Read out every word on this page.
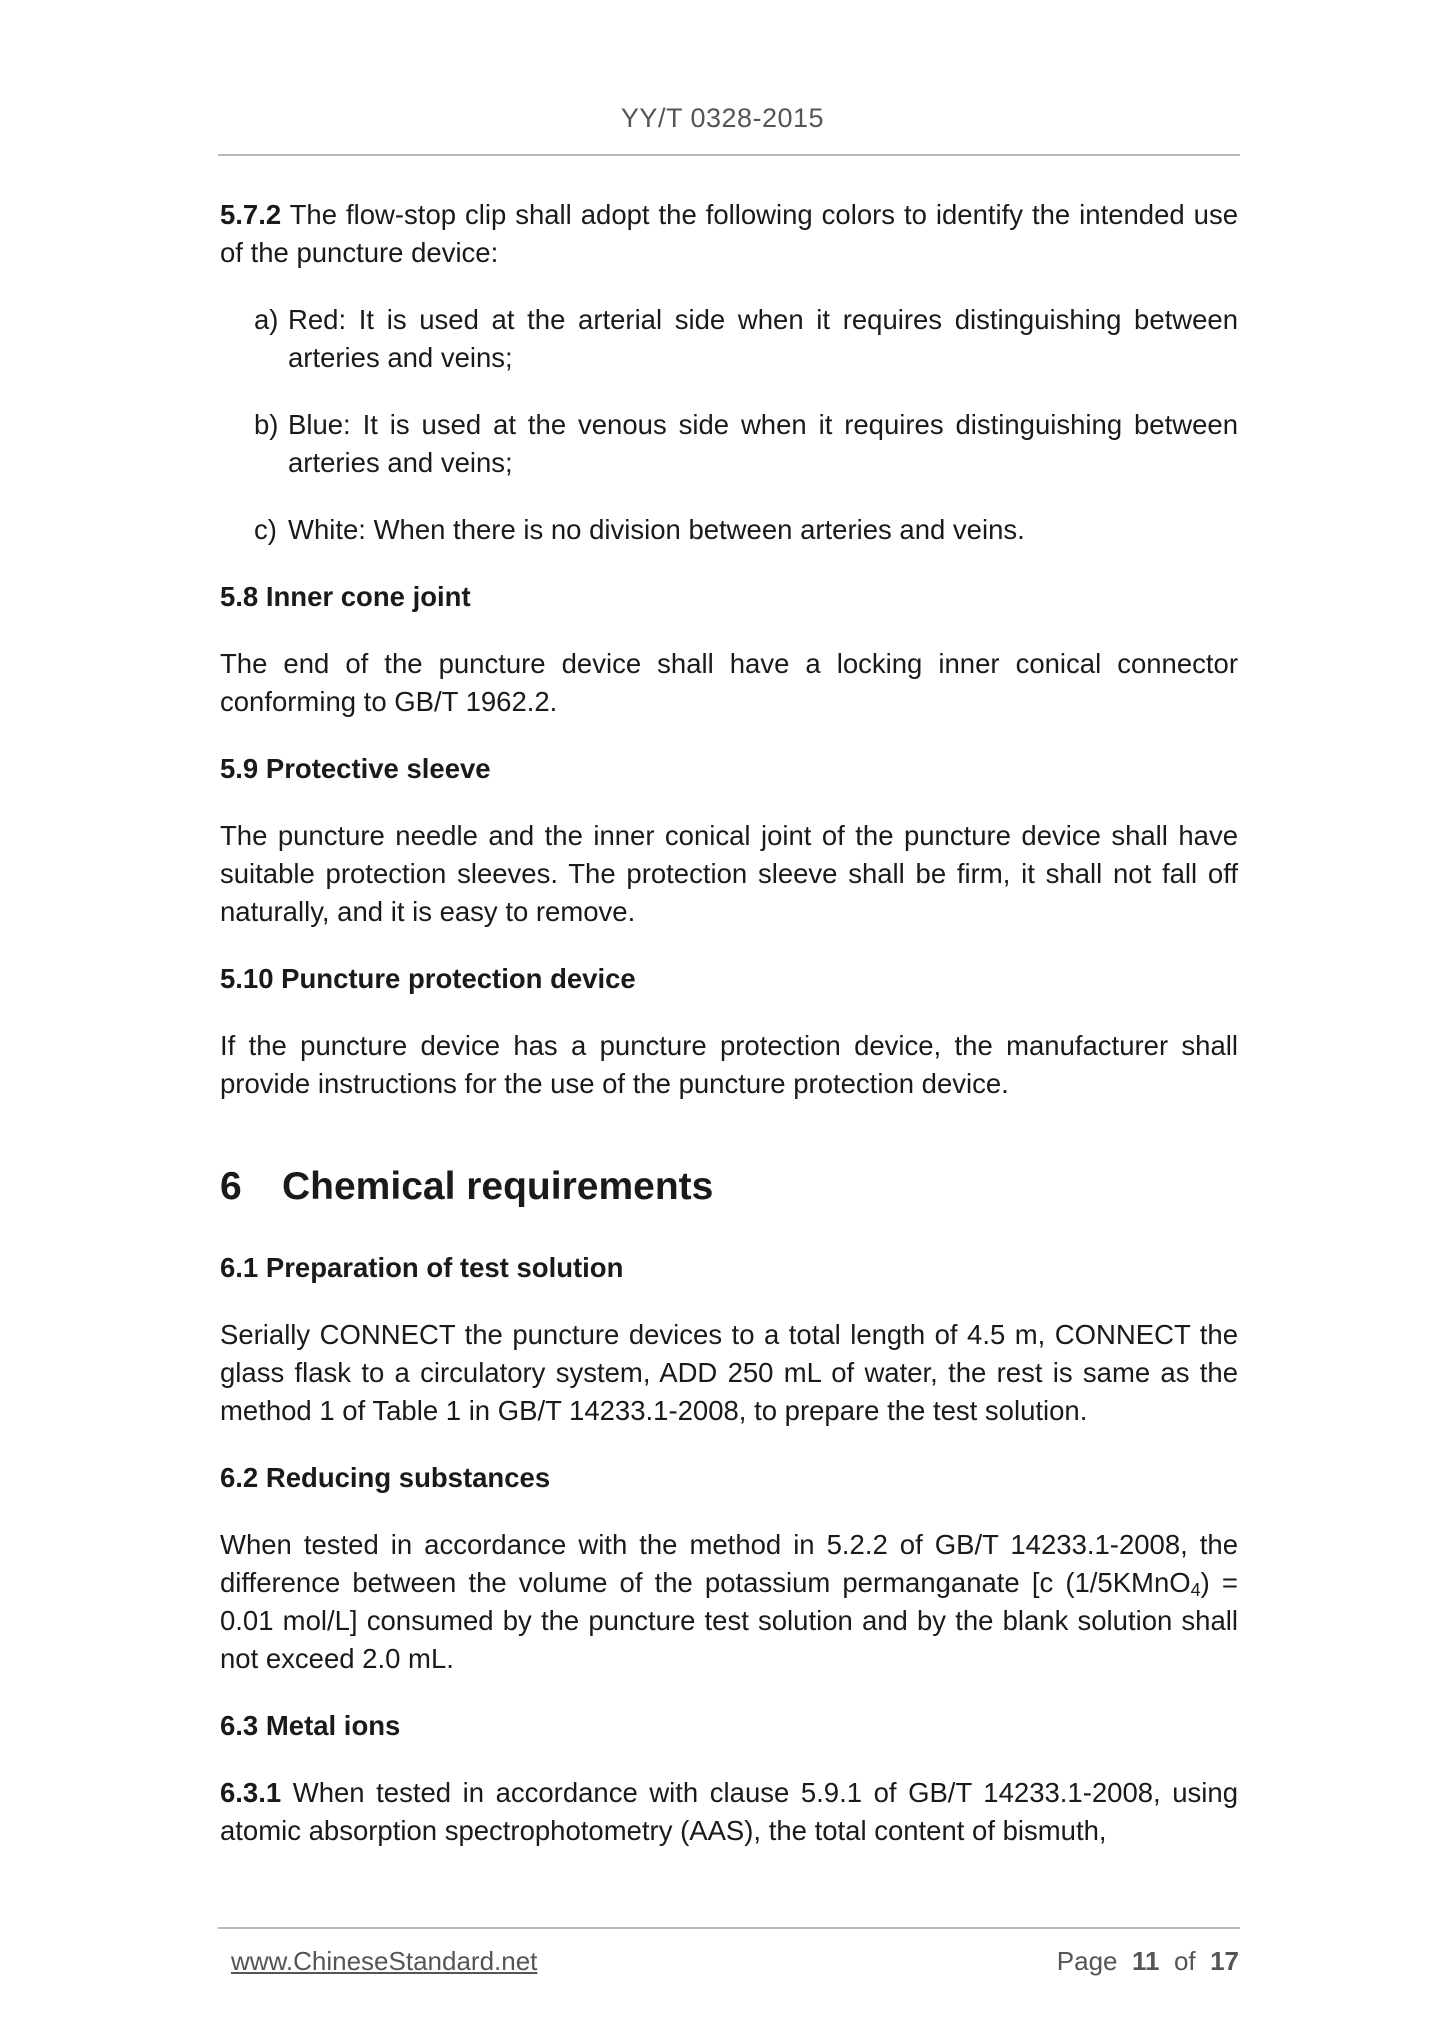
YY/T 0328-2015

5.7.2 The flow-stop clip shall adopt the following colors to identify the intended use of the puncture device:

a) Red: It is used at the arterial side when it requires distinguishing between arteries and veins;
b) Blue: It is used at the venous side when it requires distinguishing between arteries and veins;
c) White: When there is no division between arteries and veins.
5.8 Inner cone joint

The end of the puncture device shall have a locking inner conical connector conforming to GB/T 1962.2.

5.9 Protective sleeve

The puncture needle and the inner conical joint of the puncture device shall have suitable protection sleeves. The protection sleeve shall be firm, it shall not fall off naturally, and it is easy to remove.

5.10 Puncture protection device

If the puncture device has a puncture protection device, the manufacturer shall provide instructions for the use of the puncture protection device.

6 Chemical requirements
6.1 Preparation of test solution

Serially CONNECT the puncture devices to a total length of 4.5 m, CONNECT the glass flask to a circulatory system, ADD 250 mL of water, the rest is same as the method 1 of Table 1 in GB/T 14233.1-2008, to prepare the test solution.

6.2 Reducing substances

When tested in accordance with the method in 5.2.2 of GB/T 14233.1-2008, the difference between the volume of the potassium permanganate [c (1/5KMnO$_4$) = 0.01 mol/L] consumed by the puncture test solution and by the blank solution shall not exceed 2.0 mL.

6.3 Metal ions

6.3.1 When tested in accordance with clause 5.9.1 of GB/T 14233.1-2008, using atomic absorption spectrophotometry (AAS), the total content of bismuth,

www.ChineseStandard.net	Page 11 of 17
